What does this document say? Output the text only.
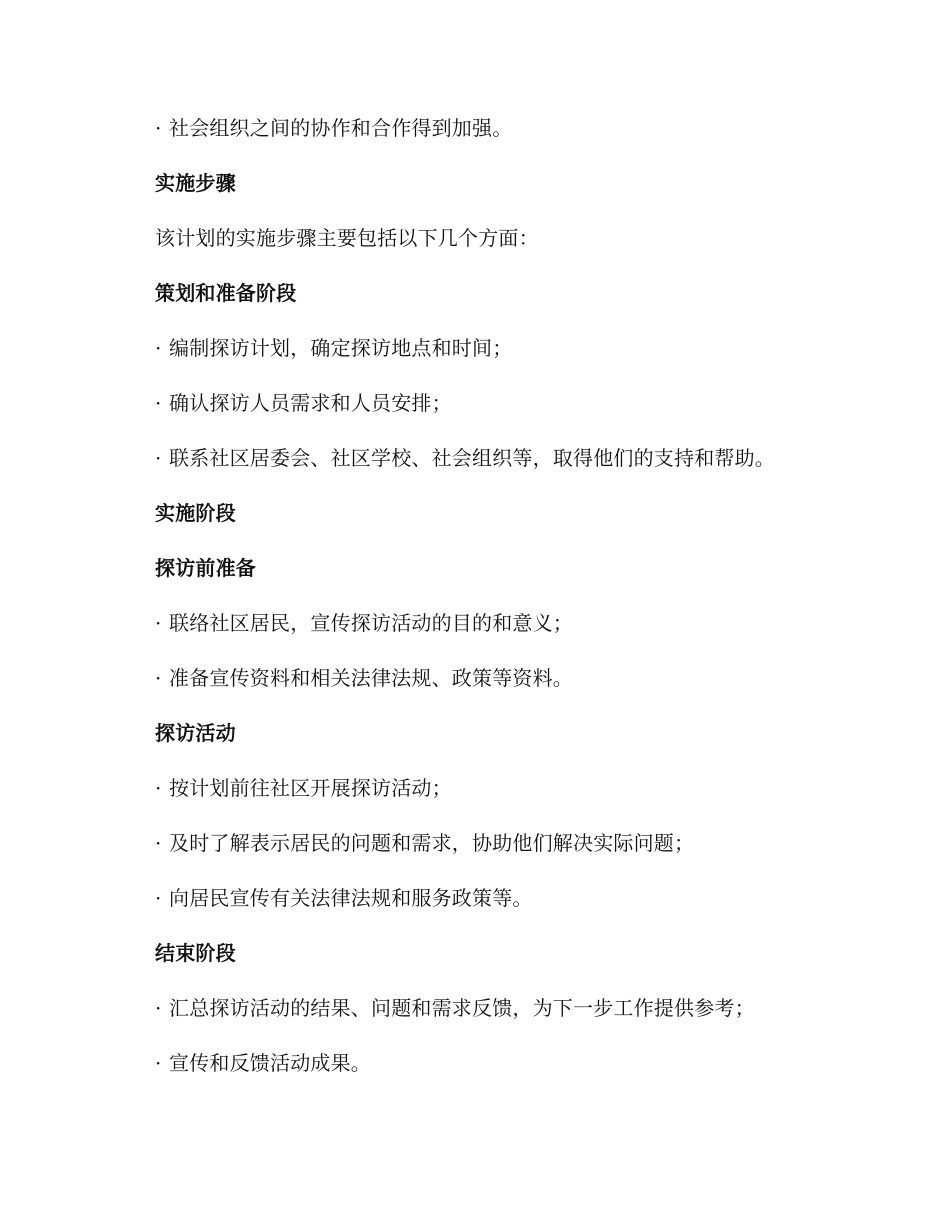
· 社会组织之间的协作和合作得到加强。
实施步骤
该计划的实施步骤主要包括以下几个方面：
策划和准备阶段
· 编制探访计划，确定探访地点和时间；
· 确认探访人员需求和人员安排；
· 联系社区居委会、社区学校、社会组织等，取得他们的支持和帮助。
实施阶段
探访前准备
· 联络社区居民，宣传探访活动的目的和意义；
· 准备宣传资料和相关法律法规、政策等资料。
探访活动
· 按计划前往社区开展探访活动；
· 及时了解表示居民的问题和需求，协助他们解决实际问题；
· 向居民宣传有关法律法规和服务政策等。
结束阶段
· 汇总探访活动的结果、问题和需求反馈，为下一步工作提供参考；
· 宣传和反馈活动成果。
